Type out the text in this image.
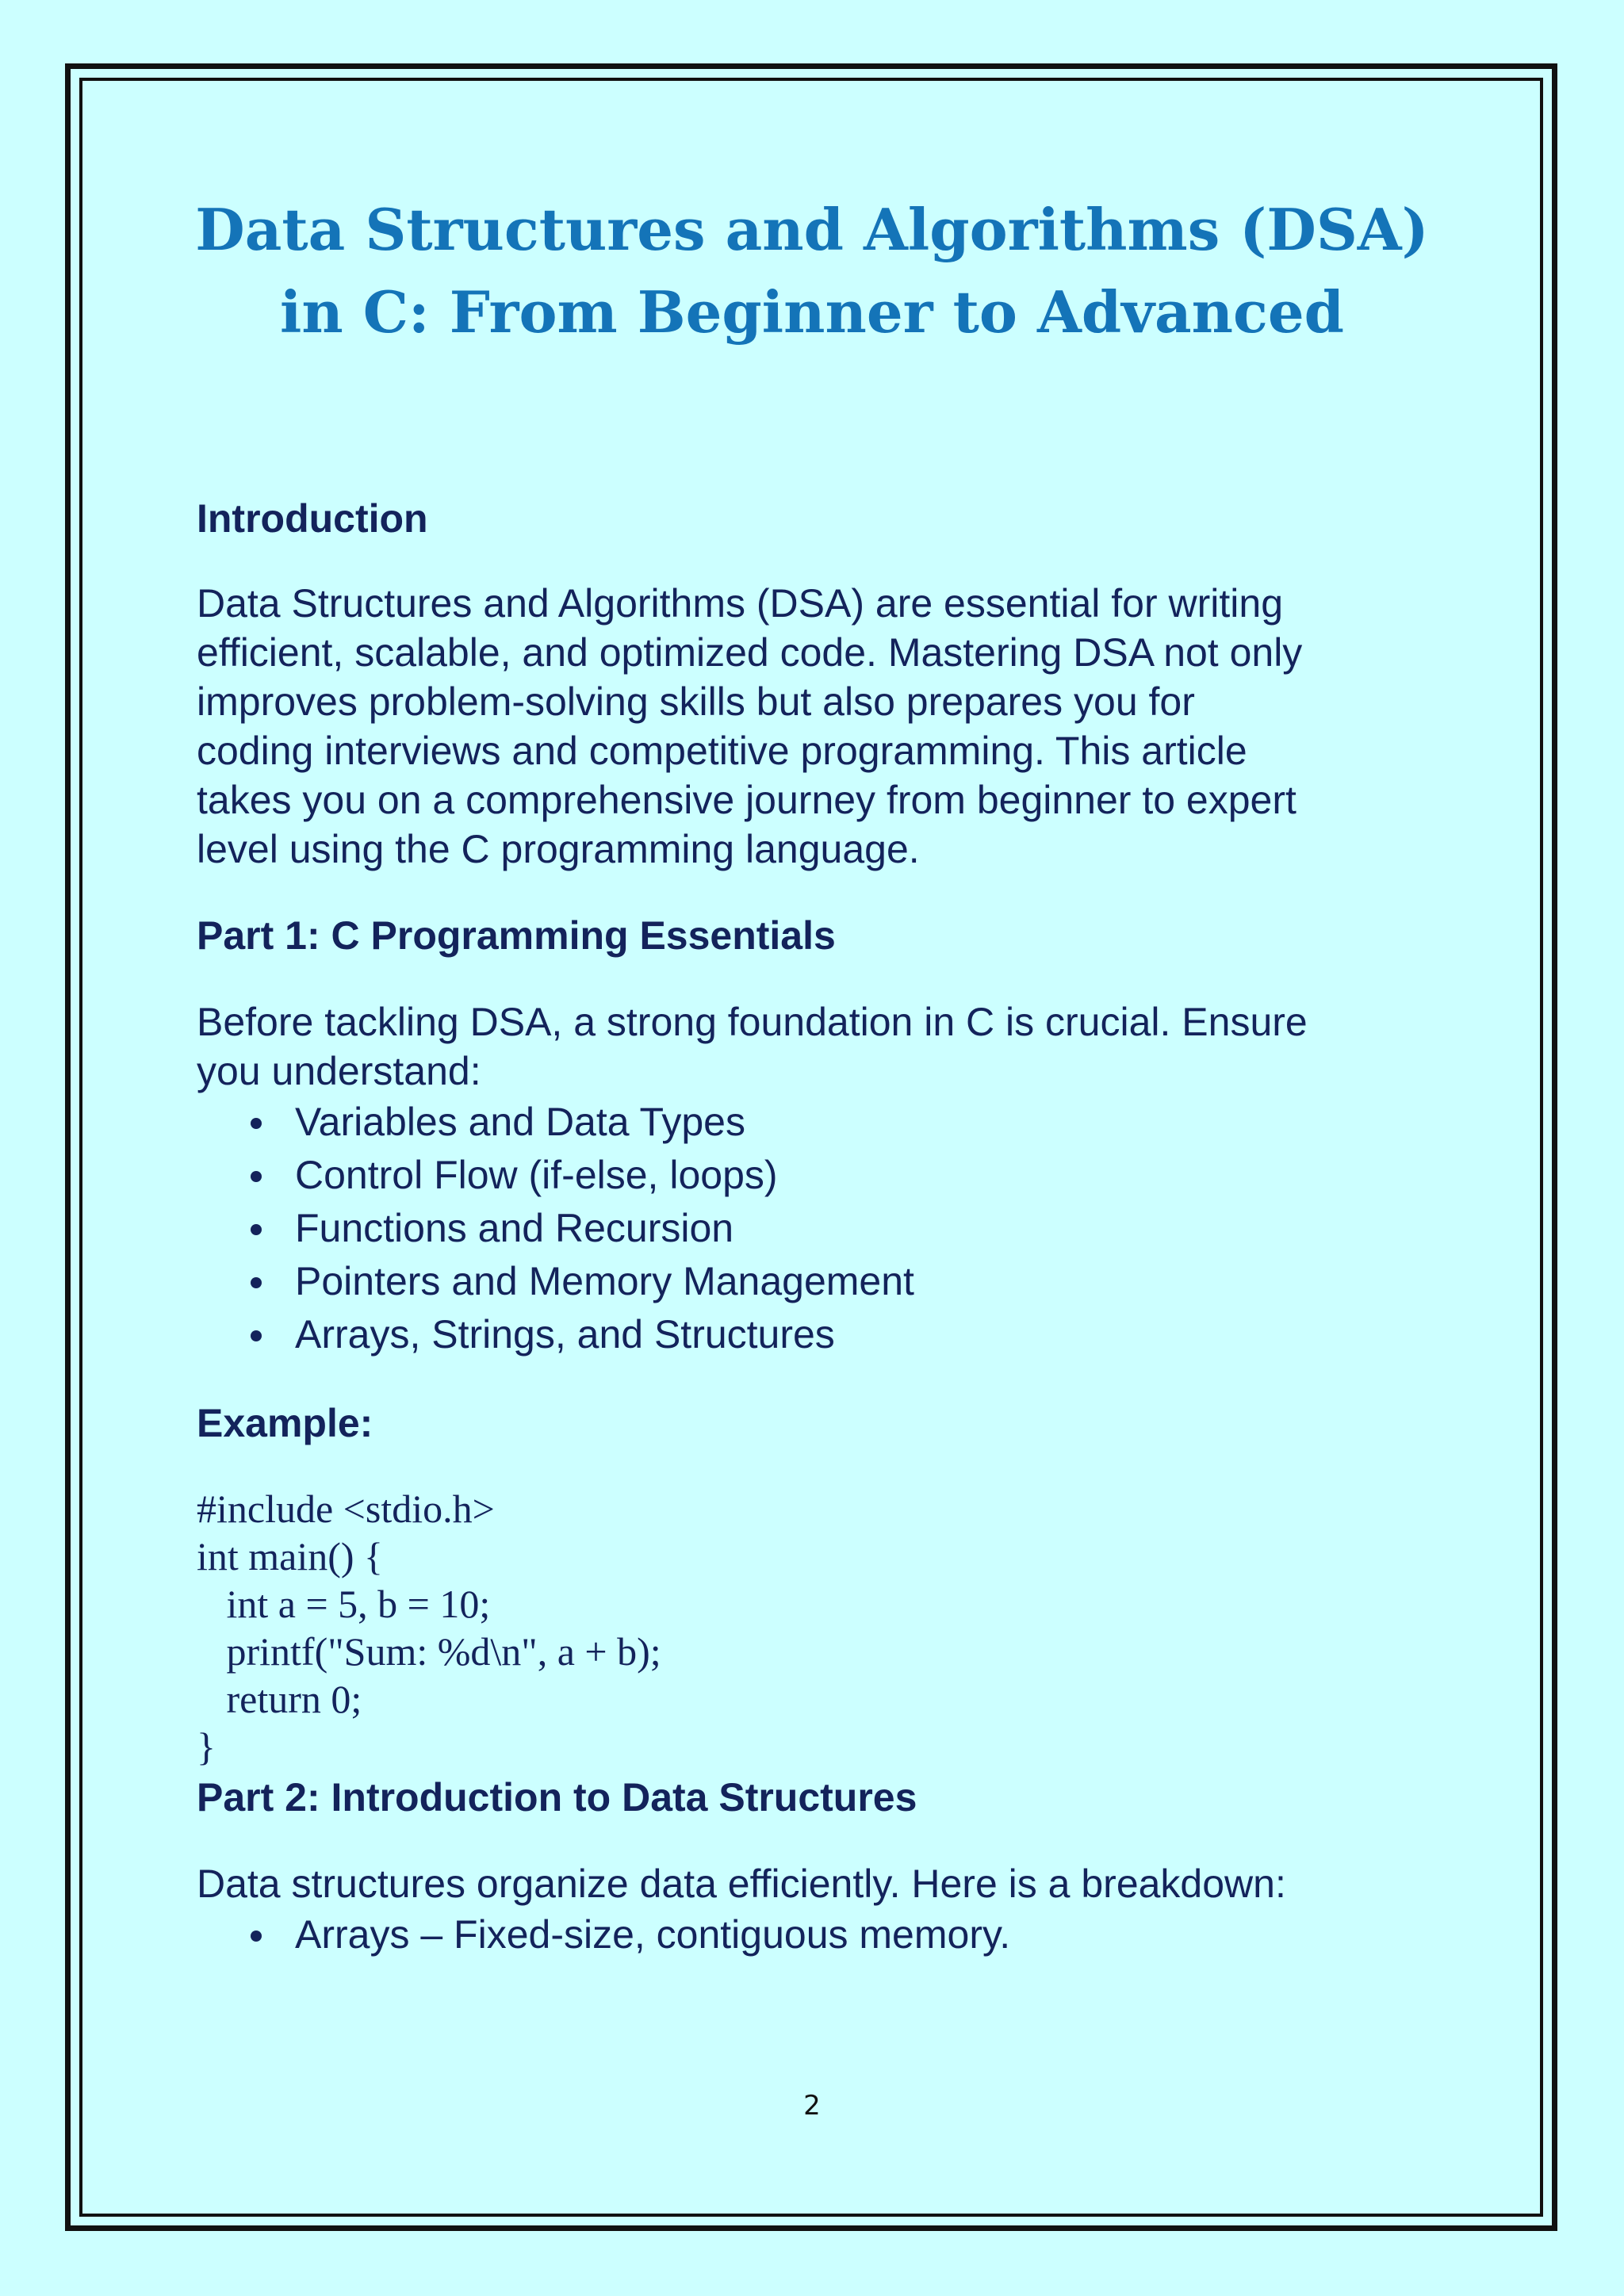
Data Structures and Algorithms (DSA)
in C: From Beginner to Advanced
Introduction

Data Structures and Algorithms (DSA) are essential for writing
efficient, scalable, and optimized code. Mastering DSA not only
improves problem-solving skills but also prepares you for
coding interviews and competitive programming. This article
takes you on a comprehensive journey from beginner to expert
level using the C programming language.

Part 1: C Programming Essentials

Before tackling DSA, a strong foundation in C is crucial. Ensure
you understand:

Variables and Data Types
Control Flow (if-else, loops)
Functions and Recursion
Pointers and Memory Management
Arrays, Strings, and Structures
Example:
#include <stdio.h>
int main() {
int a = 5, b = 10;
printf("Sum: %d\n", a + b);
return 0;
}
Part 2: Introduction to Data Structures

Data structures organize data efficiently. Here is a breakdown:

Arrays – Fixed-size, contiguous memory.
2
